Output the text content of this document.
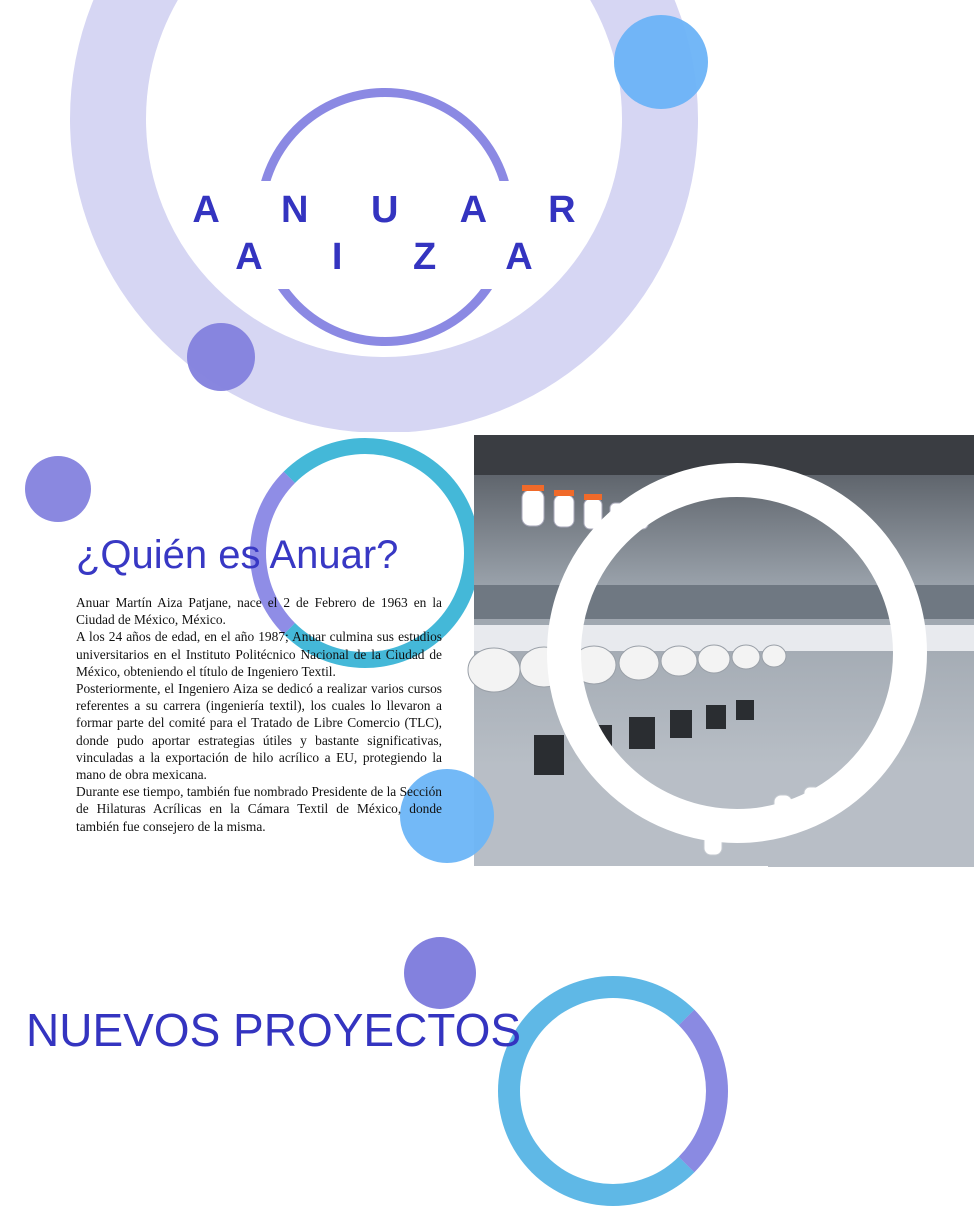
A N U A R
A I Z A
¿Quién es Anuar?

Anuar Martín Aiza Patjane, nace el 2 de Febrero de 1963 en la Ciudad de México, México.

A los 24 años de edad, en el año 1987; Anuar culmina sus estudios universitarios en el Instituto Politécnico Nacional de la Ciudad de México, obteniendo el título de Ingeniero Textil.

Posteriormente, el Ingeniero Aiza se dedicó a realizar varios cursos referentes a su carrera (ingeniería textil), los cuales lo llevaron a formar parte del comité para el Tratado de Libre Comercio (TLC), donde pudo aportar estrategias útiles y bastante significativas, vinculadas a la exportación de hilo acrílico a EU, protegiendo la mano de obra mexicana.

Durante ese tiempo, también fue nombrado Presidente de la Sección de Hilaturas Acrílicas en la Cámara Textil de México, donde también fue consejero de la misma.

NUEVOS PROYECTOS
